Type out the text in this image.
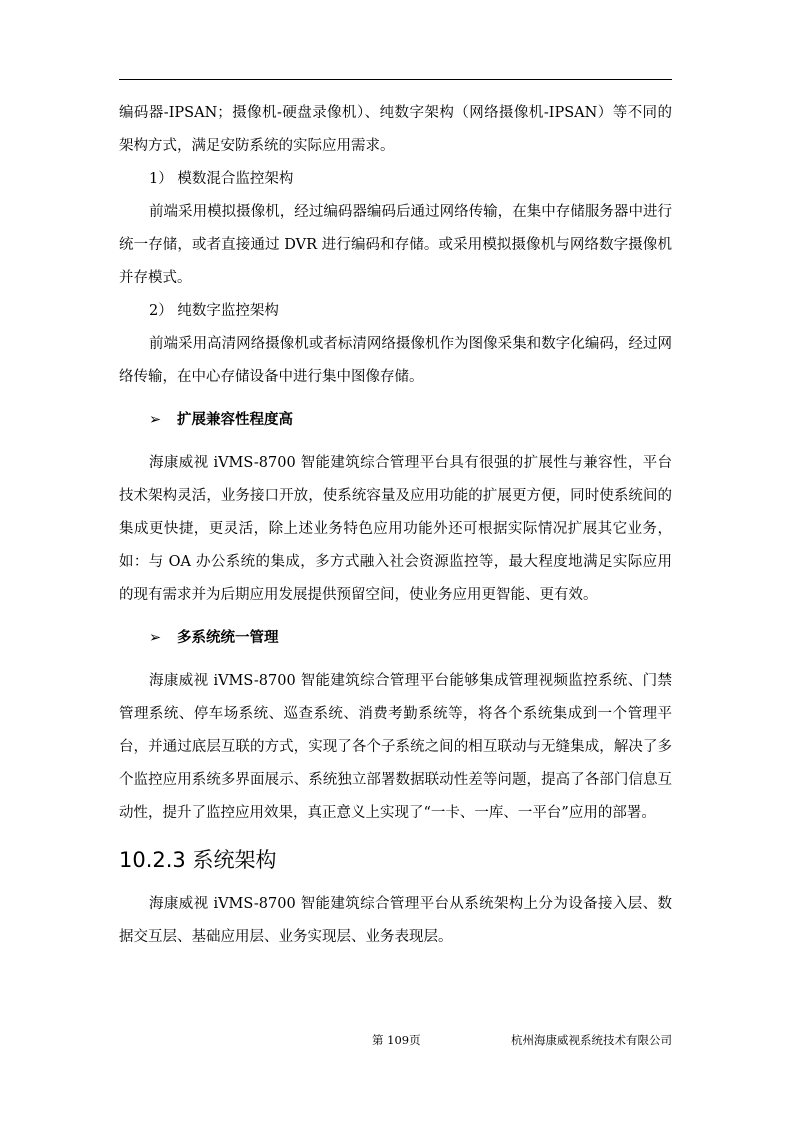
编码器-IPSAN；摄像机-硬盘录像机）、纯数字架构（网络摄像机-IPSAN）等不同的架构方式，满足安防系统的实际应用需求。

1） 模数混合监控架构

前端采用模拟摄像机，经过编码器编码后通过网络传输，在集中存储服务器中进行统一存储，或者直接通过 DVR 进行编码和存储。或采用模拟摄像机与网络数字摄像机并存模式。

2） 纯数字监控架构

前端采用高清网络摄像机或者标清网络摄像机作为图像采集和数字化编码，经过网络传输，在中心存储设备中进行集中图像存储。

➢ 扩展兼容性程度高

海康威视 iVMS-8700 智能建筑综合管理平台具有很强的扩展性与兼容性，平台技术架构灵活，业务接口开放，使系统容量及应用功能的扩展更方便，同时使系统间的集成更快捷，更灵活，除上述业务特色应用功能外还可根据实际情况扩展其它业务，如：与 OA 办公系统的集成，多方式融入社会资源监控等，最大程度地满足实际应用的现有需求并为后期应用发展提供预留空间，使业务应用更智能、更有效。

➢ 多系统统一管理

海康威视 iVMS-8700 智能建筑综合管理平台能够集成管理视频监控系统、门禁管理系统、停车场系统、巡查系统、消费考勤系统等，将各个系统集成到一个管理平台，并通过底层互联的方式，实现了各个子系统之间的相互联动与无缝集成，解决了多个监控应用系统多界面展示、系统独立部署数据联动性差等问题，提高了各部门信息互动性，提升了监控应用效果，真正意义上实现了“一卡、一库、一平台”应用的部署。

10.2.3 系统架构

海康威视 iVMS-8700 智能建筑综合管理平台从系统架构上分为设备接入层、数据交互层、基础应用层、业务实现层、业务表现层。

第 109页	杭州海康威视系统技术有限公司
